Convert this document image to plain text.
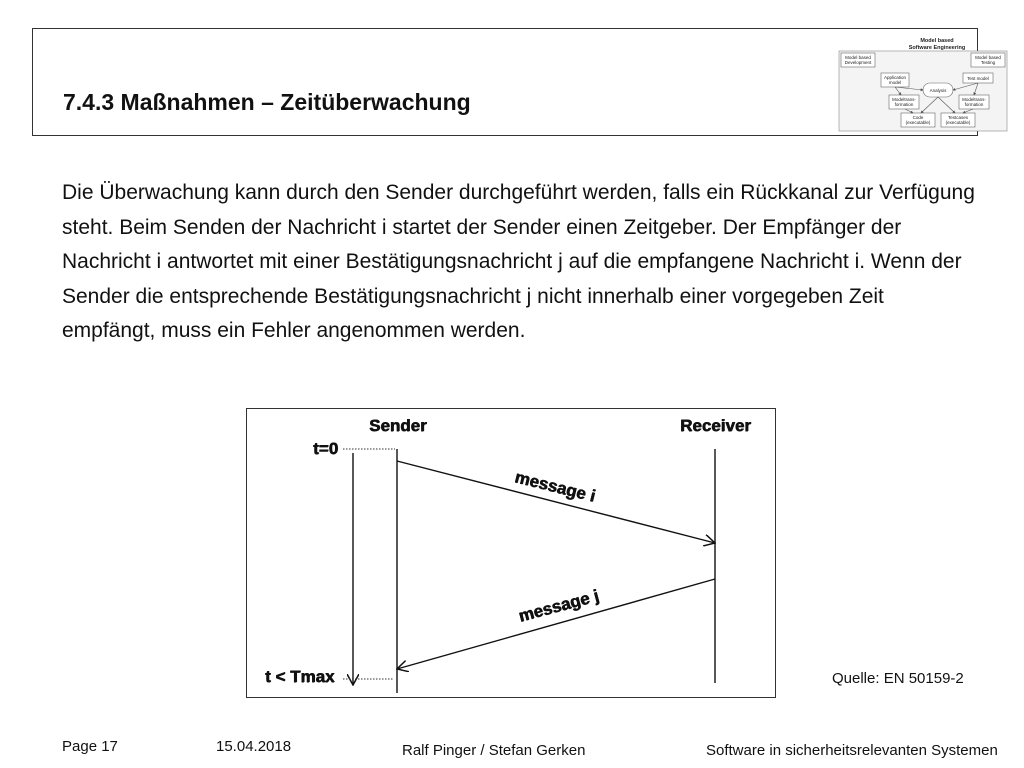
7.4.3 Maßnahmen – Zeitüberwachung
Model based
Software Engineering
Model based
Development
Model based
Testing
Application
model
Test model
Analysis
Modeltrans-
formation
Modeltrans-
formation
Code
(executable)
Testcases
(executable)

Die Überwachung kann durch den Sender durchgeführt werden, falls ein Rückkanal zur Verfügung steht. Beim Senden der Nachricht i startet der Sender einen Zeitgeber. Der Empfänger der Nachricht i antwortet mit einer Bestätigungsnachricht j auf die empfangene Nachricht i. Wenn der Sender die entsprechende Bestätigungsnachricht j nicht innerhalb einer vorgegeben Zeit empfängt, muss ein Fehler angenommen werden.

Sender	Receiver
t=0
t < Tmax
message i
message j
Quelle: EN 50159-2
Page 17	15.04.2018	Ralf Pinger / Stefan Gerken	Software in sicherheitsrelevanten Systemen
